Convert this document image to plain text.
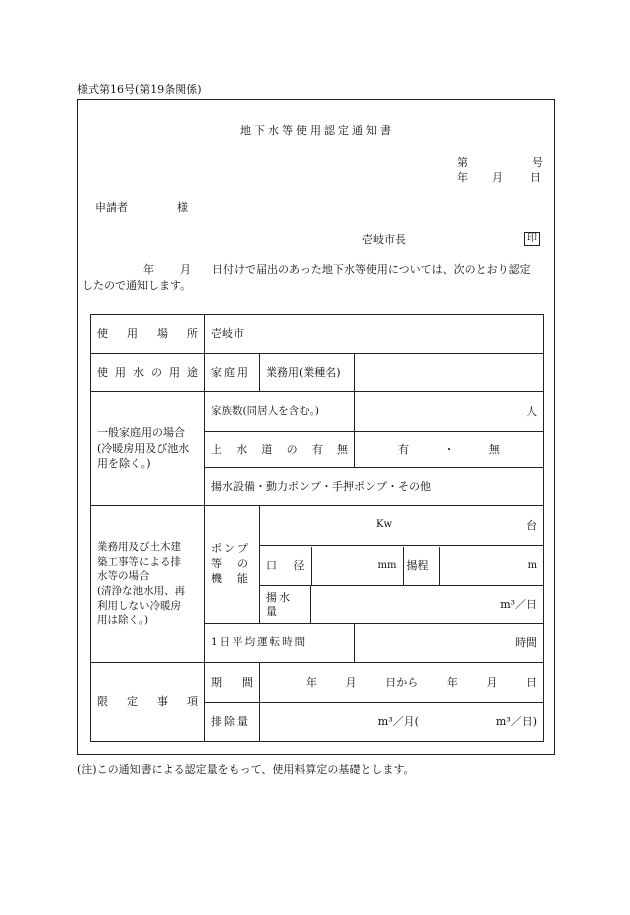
様式第16号(第19条関係)
地下水等使用認定通知書
第	号
年 月 日
申請者	様
壱岐市長	印
年 月 日付けで届出のあった地下水等使用については、次のとおり認定
したので通知します。
使 用 場 所	壱岐市

使 用 水 の 用 途	家庭用	業務用(業種名)	
一般家庭用の場合
(冷暖房用及び池水
用を除く。)	家族数(同居人を含む。)	人

上 水 道 の 有 無	有	・	無

揚水設備・動力ポンプ・手押ポンプ・その他
業務用及び土木建
築工事等による排
水等の場合
(清浄な池水用、再
利用しない冷暖房
用は除く。)	ポンプ
等　の
機　能	
Kw	台

口 径	mm	揚程	m

揚水量	m³／日
1日平均運転時間	時間

限 定 事 項

期 間	年	月	日から	年	月	日

排除量	m³／月(　　　　　　　m³／日)
(注)この通知書による認定量をもって、使用料算定の基礎とします。
